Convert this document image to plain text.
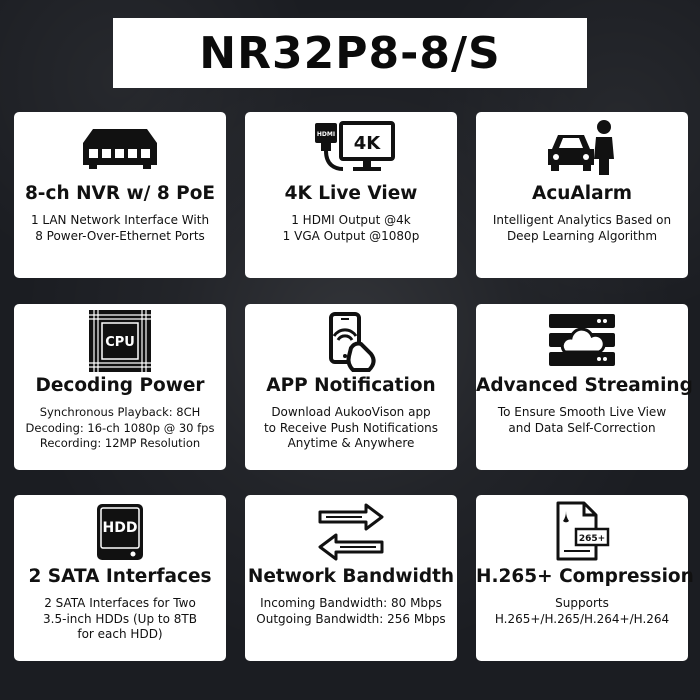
NR32P8-8/S
8-ch NVR w/ 8 PoE
1 LAN Network Interface With
8 Power-Over-Ethernet Ports
HDMI 4K
4K Live View
1 HDMI Output @4k
1 VGA Output @1080p
AcuAlarm
Intelligent Analytics Based on
Deep Learning Algorithm
CPU
Decoding Power
Synchronous Playback: 8CH
Decoding: 16-ch 1080p @ 30 fps
Recording: 12MP Resolution
APP Notification
Download AukooVison app
to Receive Push Notifications
Anytime & Anywhere
Advanced Streaming
To Ensure Smooth Live View
and Data Self-Correction
HDD
2 SATA Interfaces
2 SATA Interfaces for Two
3.5-inch HDDs (Up to 8TB
for each HDD)
Network Bandwidth
Incoming Bandwidth: 80 Mbps
Outgoing Bandwidth: 256 Mbps
265+
H.265+ Compression
Supports
H.265+/H.265/H.264+/H.264
